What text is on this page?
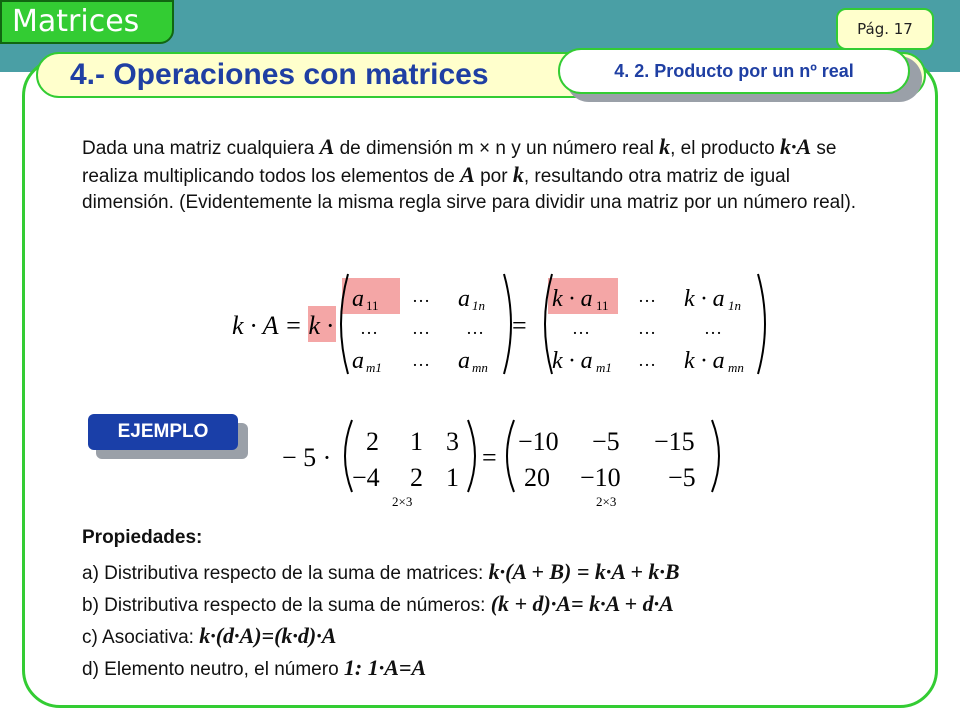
Matrices	Pág. 17
4.- Operaciones con matrices	4. 2. Producto por un nº real
Dada una matriz cualquiera A de dimensión m × n y un número real k, el producto k·A se realiza multiplicando todos los elementos de A por k, resultando otra matriz de igual dimensión. (Evidentemente la misma regla sirve para dividir una matriz por un número real).
k · A = k ·
a 11 … a 1n
… … …
a m1 … a mn
=
k · a 11 … k · a 1n
…	…	…
k · a m1 … k · a mn
EJEMPLO
− 5 ·
2 1 3
−4 2 1
2×3
=
−10 −5 −15
20 −10 −5
2×3
Propiedades:
a) Distributiva respecto de la suma de matrices: k·(A + B) = k·A + k·B
b) Distributiva respecto de la suma de números: (k + d)·A= k·A + d·A
c) Asociativa: k·(d·A)=(k·d)·A
d) Elemento neutro, el número 1: 1·A=A
